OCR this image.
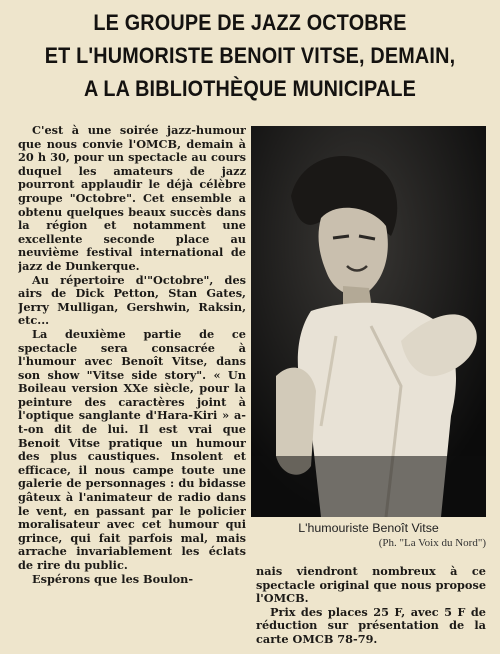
LE GROUPE DE JAZZ OCTOBRE
ET L'HUMORISTE BENOIT VITSE, DEMAIN,
A LA BIBLIOTHÈQUE MUNICIPALE

C'est à une soirée jazz-humour que nous convie l'OMCB, demain à 20 h 30, pour un spectacle au cours duquel les amateurs de jazz pourront applaudir le déjà célèbre groupe "Octobre". Cet ensemble a obtenu quelques beaux succès dans la région et notamment une excellente seconde place au neuvième festival international de jazz de Dunkerque.

Au répertoire d'"Octobre", des airs de Dick Petton, Stan Gates, Jerry Mulligan, Gershwin, Raksin, etc...

La deuxième partie de ce spectacle sera consacrée à l'humour avec Benoît Vitse, dans son show "Vitse side story". « Un Boileau version XXe siècle, pour la peinture des caractères joint à l'optique sanglante d'Hara-Kiri » a-t-on dit de lui. Il est vrai que Benoit Vitse pratique un humour des plus caustiques. Insolent et efficace, il nous campe toute une galerie de personnages : du bidasse gâteux à l'animateur de radio dans le vent, en passant par le policier moralisateur avec cet humour qui grince, qui fait parfois mal, mais arrache invariablement les éclats de rire du public.

Espérons que les Boulon-

L'humouriste Benoît Vitse
(Ph. "La Voix du Nord")

nais viendront nombreux à ce spectacle original que nous propose l'OMCB.

Prix des places 25 F, avec 5 F de réduction sur présentation de la carte OMCB 78-79.
